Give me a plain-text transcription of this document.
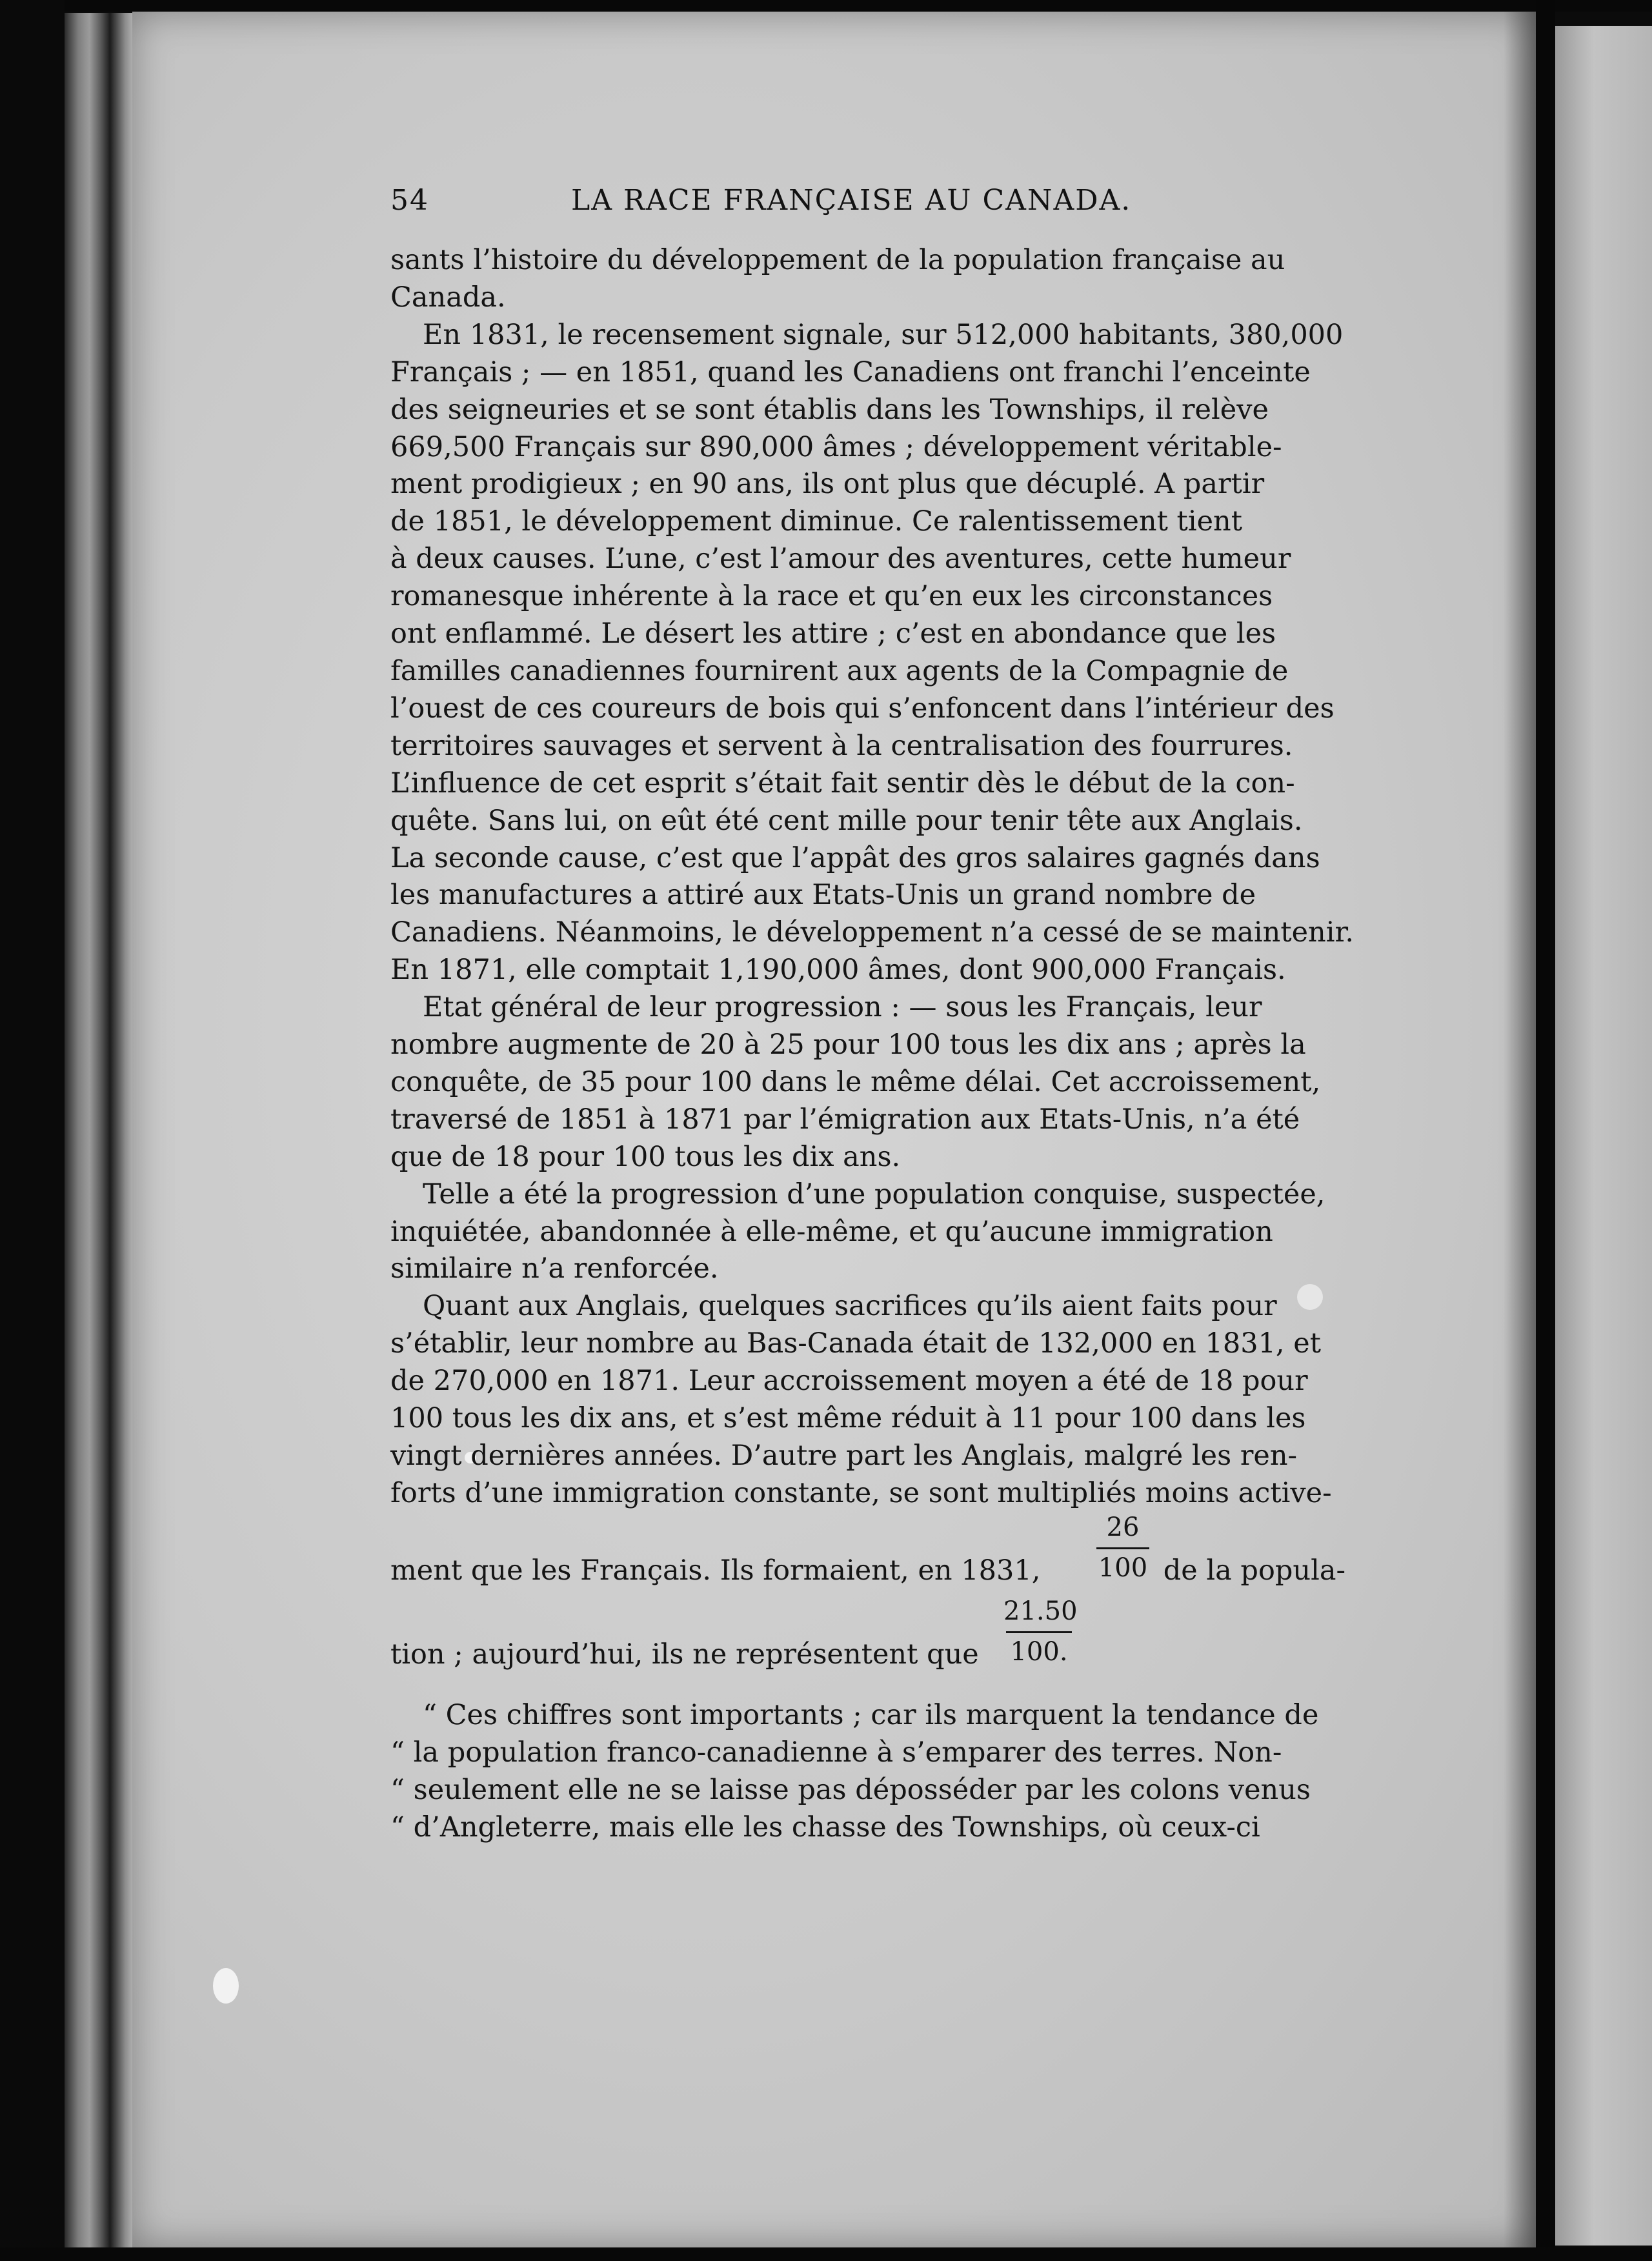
54	LA RACE FRANÇAISE AU CANADA.
sants l’histoire du développement de la population française au
Canada.
En 1831, le recensement signale, sur 512,000 habitants, 380,000
Français ; — en 1851, quand les Canadiens ont franchi l’enceinte
des seigneuries et se sont établis dans les Townships, il relève
669,500 Français sur 890,000 âmes ; développement véritable-
ment prodigieux ; en 90 ans, ils ont plus que décuplé. A partir
de 1851, le développement diminue. Ce ralentissement tient
à deux causes. L’une, c’est l’amour des aventures, cette humeur
romanesque inhérente à la race et qu’en eux les circonstances
ont enflammé. Le désert les attire ; c’est en abondance que les
familles canadiennes fournirent aux agents de la Compagnie de
l’ouest de ces coureurs de bois qui s’enfoncent dans l’intérieur des
territoires sauvages et servent à la centralisation des fourrures.
L’influence de cet esprit s’était fait sentir dès le début de la con-
quête. Sans lui, on eût été cent mille pour tenir tête aux Anglais.
La seconde cause, c’est que l’appât des gros salaires gagnés dans
les manufactures a attiré aux Etats-Unis un grand nombre de
Canadiens. Néanmoins, le développement n’a cessé de se maintenir.
En 1871, elle comptait 1,190,000 âmes, dont 900,000 Français.
Etat général de leur progression : — sous les Français, leur
nombre augmente de 20 à 25 pour 100 tous les dix ans ; après la
conquête, de 35 pour 100 dans le même délai. Cet accroissement,
traversé de 1851 à 1871 par l’émigration aux Etats-Unis, n’a été
que de 18 pour 100 tous les dix ans.
Telle a été la progression d’une population conquise, suspectée,
inquiétée, abandonnée à elle-même, et qu’aucune immigration
similaire n’a renforcée.
Quant aux Anglais, quelques sacrifices qu’ils aient faits pour
s’établir, leur nombre au Bas-Canada était de 132,000 en 1831, et
de 270,000 en 1871. Leur accroissement moyen a été de 18 pour
100 tous les dix ans, et s’est même réduit à 11 pour 100 dans les
vingt dernières années. D’autre part les Anglais, malgré les ren-
forts d’une immigration constante, se sont multipliés moins active-
ment que les Français. Ils formaient, en 1831,
26
100 de la popula-
tion ; aujourd’hui, ils ne représentent que
21.50
100.
“ Ces chiffres sont importants ; car ils marquent la tendance de
“ la population franco-canadienne à s’emparer des terres. Non-
“ seulement elle ne se laisse pas déposséder par les colons venus
“ d’Angleterre, mais elle les chasse des Townships, où ceux-ci
